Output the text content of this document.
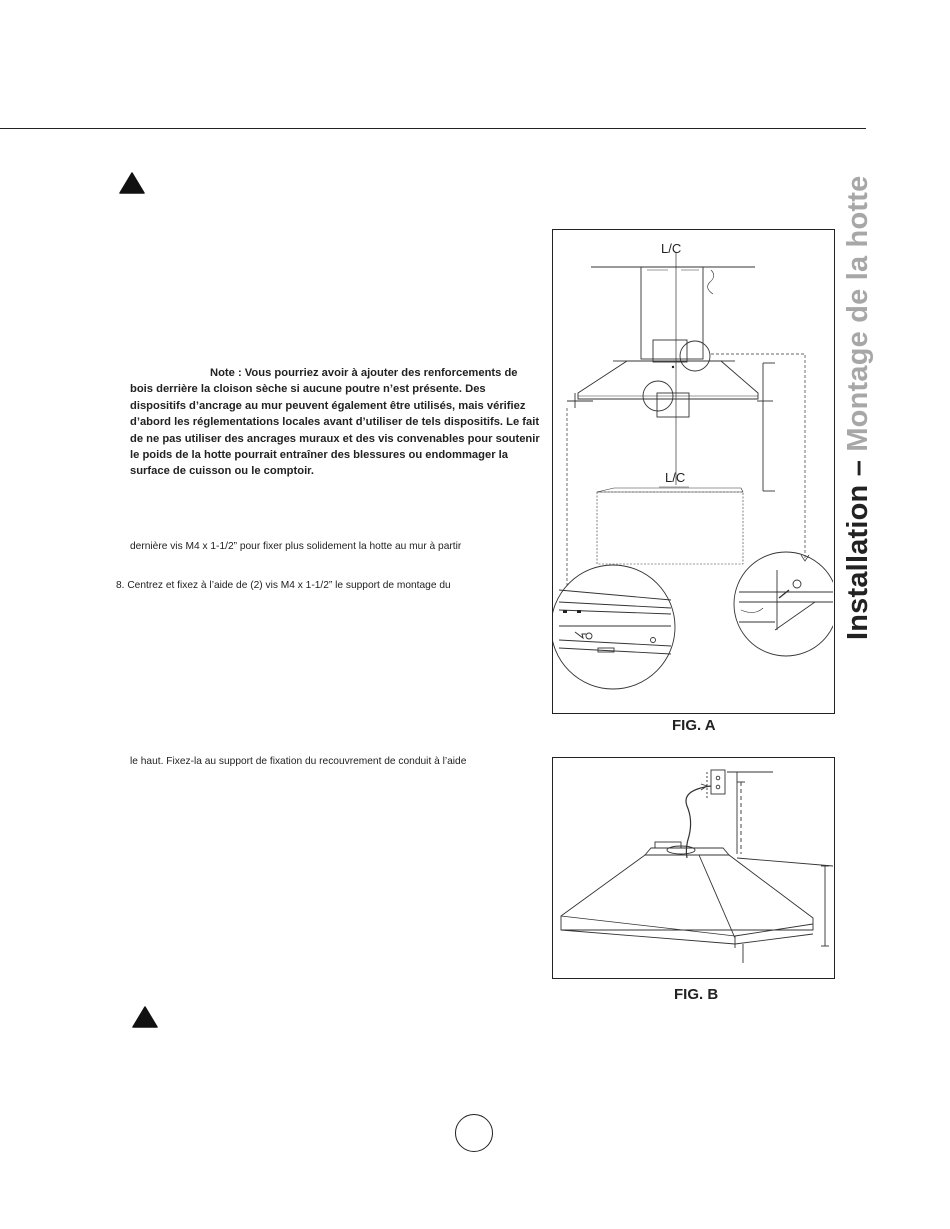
Note : Vous pourriez avoir à ajouter des renforcements de bois derrière la cloison sèche si aucune poutre n’est présente. Des dispositifs d’ancrage au mur peuvent également être utilisés, mais vérifiez d’abord les réglementations locales avant d’utiliser de tels dispositifs. Le fait de ne pas utiliser des ancrages muraux et des vis convenables pour soutenir le poids de la hotte pourrait entraîner des blessures ou endommager la surface de cuisson ou le comptoir.
dernière vis M4 x 1-1/2” pour fixer plus solidement la hotte au mur à partir
8. Centrez et fixez à l’aide de (2) vis M4 x 1-1/2” le support de montage du
le haut. Fixez-la au support de fixation du recouvrement de conduit à l’aide
L/C
L/C
FIG. A
FIG. B
Installation – Montage de la hotte
